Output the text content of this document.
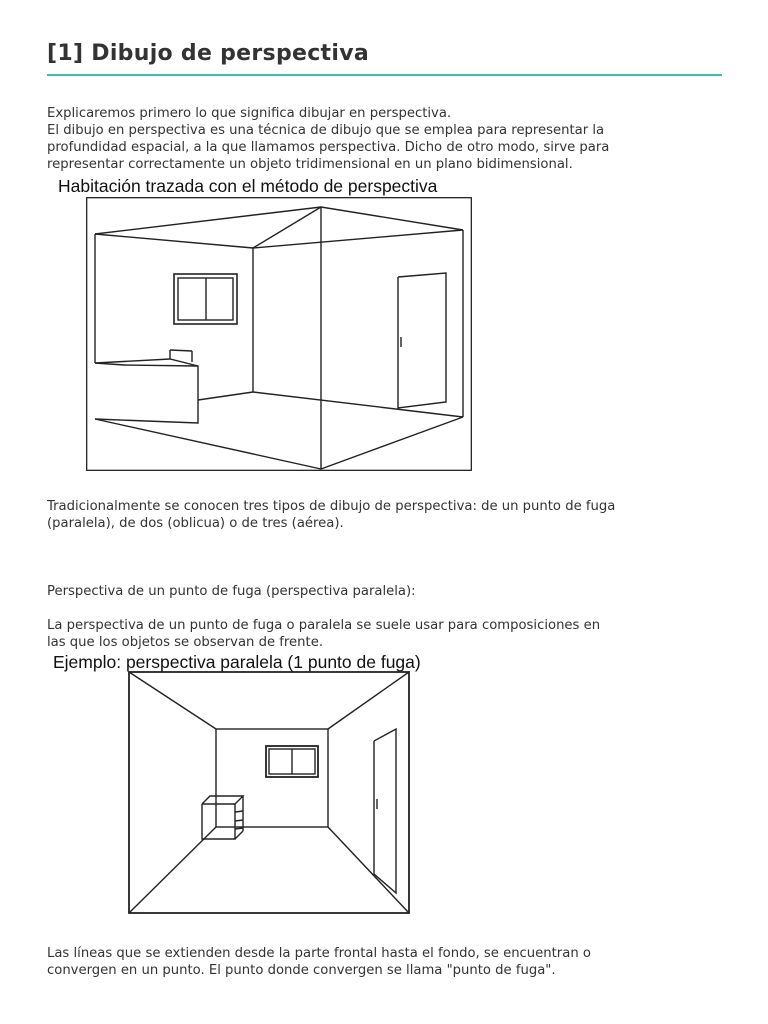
[1] Dibujo de perspectiva

Explicaremos primero lo que significa dibujar en perspectiva.

El dibujo en perspectiva es una técnica de dibujo que se emplea para representar la

profundidad espacial, a la que llamamos perspectiva. Dicho de otro modo, sirve para

representar correctamente un objeto tridimensional en un plano bidimensional.

Tradicionalmente se conocen tres tipos de dibujo de perspectiva: de un punto de fuga

(paralela), de dos (oblicua) o de tres (aérea).

Perspectiva de un punto de fuga (perspectiva paralela):

La perspectiva de un punto de fuga o paralela se suele usar para composiciones en

las que los objetos se observan de frente.

Las líneas que se extienden desde la parte frontal hasta el fondo, se encuentran o

convergen en un punto. El punto donde convergen se llama "punto de fuga".

Habitación trazada con el método de perspectiva
Ejemplo: perspectiva paralela (1 punto de fuga)
